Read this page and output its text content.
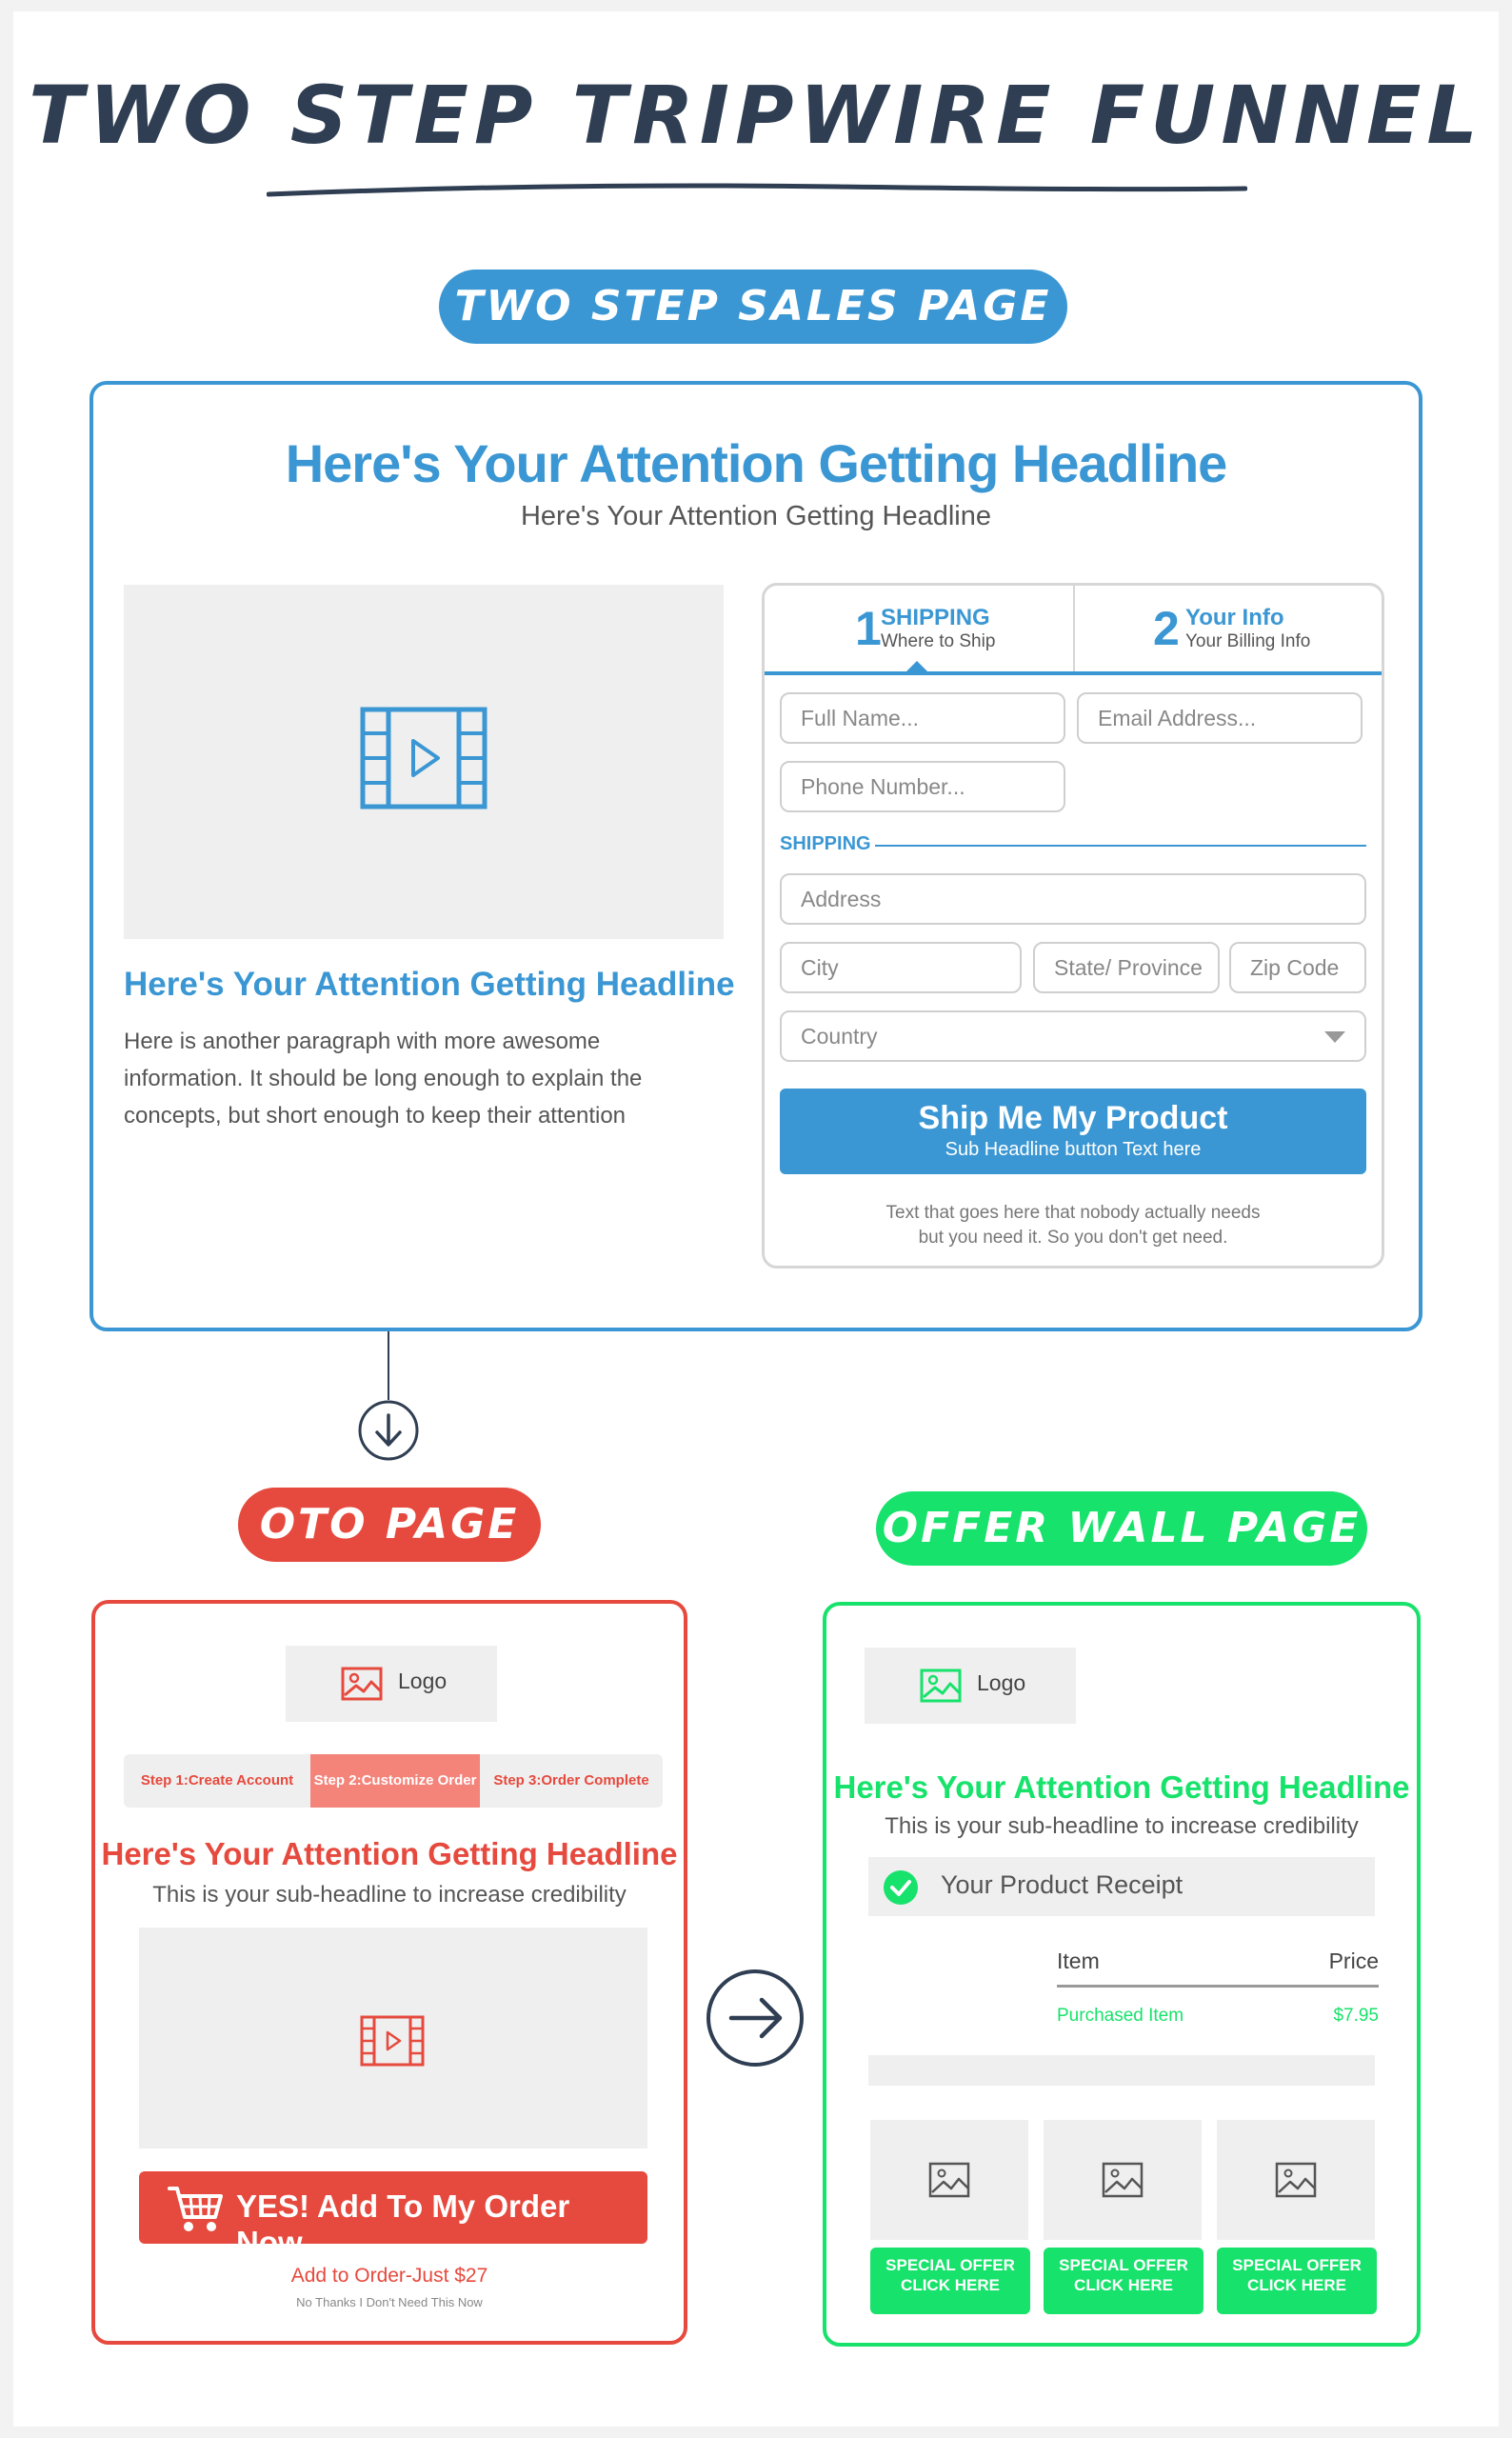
TWO STEP TRIPWIRE FUNNEL
TWO STEP SALES PAGE
Here's Your Attention Getting Headline
Here's Your Attention Getting Headline
Here's Your Attention Getting Headline
Here is another paragraph with more awesome
information. It should be long enough to explain the
concepts, but short enough to keep their attention
1 SHIPPING
Where to Ship	2 Your Info
Your Billing Info
Full Name...	Email Address...
Phone Number...
SHIPPING
Address
City	State/ Province	Zip Code
Country
Ship Me My Product
Sub Headline button Text here
Text that goes here that nobody actually needs
but you need it. So you don't get need.
OTO PAGE	OFFER WALL PAGE
Logo
Step 1:Create Account	Step 2:Customize Order	Step 3:Order Complete
Here's Your Attention Getting Headline
This is your sub-headline to increase credibility
YES! Add To My Order Now...
Add to Order-Just $27
No Thanks I Don't Need This Now
Logo
Here's Your Attention Getting Headline
This is your sub-headline to increase credibility
Your Product Receipt
Item	Price
Purchased Item	$7.95
SPECIAL OFFER
CLICK HERE
SPECIAL OFFER
CLICK HERE
SPECIAL OFFER
CLICK HERE
